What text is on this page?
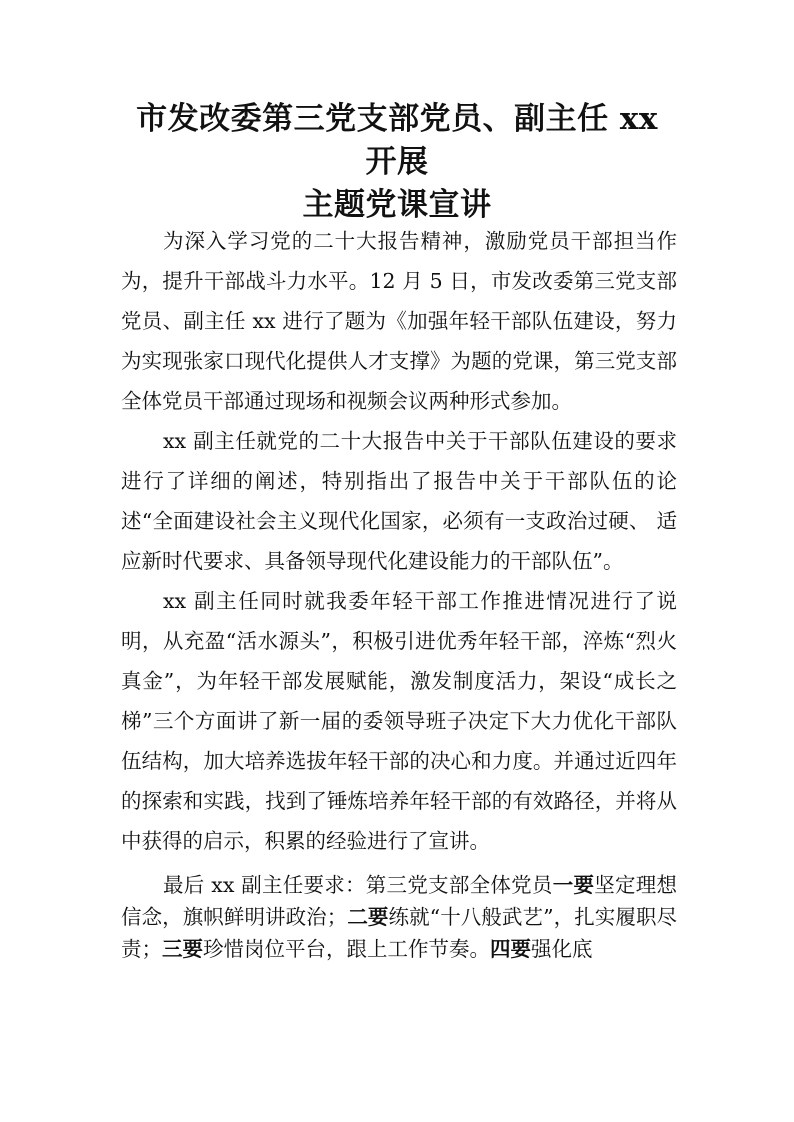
市发改委第三党支部党员、副主任 xx 开展
主题党课宣讲

为深入学习党的二十大报告精神，激励党员干部担当作为，提升干部战斗力水平。12 月 5 日，市发改委第三党支部党员、副主任 xx 进行了题为《加强年轻干部队伍建设，努力为实现张家口现代化提供人才支撑》为题的党课，第三党支部全体党员干部通过现场和视频会议两种形式参加。

xx 副主任就党的二十大报告中关于干部队伍建设的要求进行了详细的阐述，特别指出了报告中关于干部队伍的论述“全面建设社会主义现代化国家，必须有一支政治过硬、 适应新时代要求、具备领导现代化建设能力的干部队伍”。

xx 副主任同时就我委年轻干部工作推进情况进行了说明，从充盈“活水源头”，积极引进优秀年轻干部，淬炼“烈火真金”，为年轻干部发展赋能，激发制度活力，架设“成长之梯”三个方面讲了新一届的委领导班子决定下大力优化干部队伍结构，加大培养选拔年轻干部的决心和力度。并通过近四年的探索和实践，找到了锤炼培养年轻干部的有效路径，并将从中获得的启示，积累的经验进行了宣讲。

最后 xx 副主任要求：第三党支部全体党员一要坚定理想信念，旗帜鲜明讲政治；二要练就“十八般武艺”，扎实履职尽责；三要珍惜岗位平台，跟上工作节奏。四要强化底
